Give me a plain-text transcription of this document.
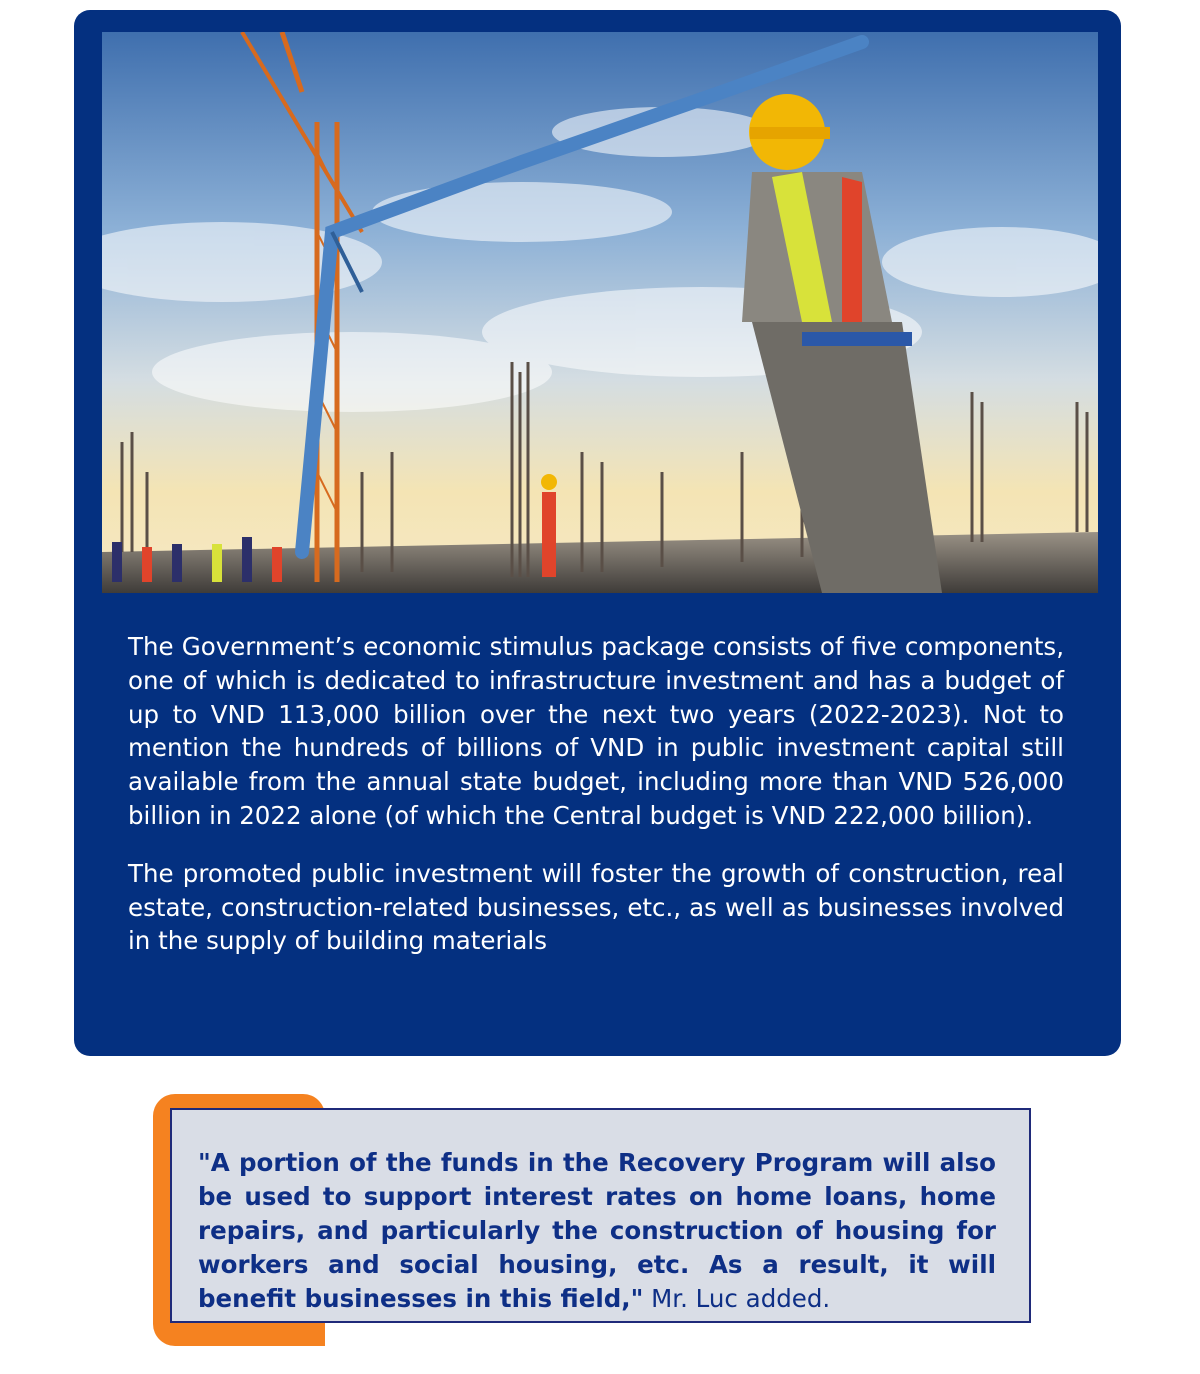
The Government’s economic stimulus package consists of five components, one of which is dedicated to infrastructure investment and has a budget of up to VND 113,000 billion over the next two years (2022-2023). Not to mention the hundreds of billions of VND in public investment capital still available from the annual state budget, including more than VND 526,000 billion in 2022 alone (of which the Central budget is VND 222,000 billion).

The promoted public investment will foster the growth of construction, real estate, construction-related businesses, etc., as well as businesses involved in the supply of building materials

"A portion of the funds in the Recovery Program will also be used to support interest rates on home loans, home repairs, and particularly the construction of housing for workers and social housing, etc. As a result, it will benefit businesses in this field," Mr. Luc added.
